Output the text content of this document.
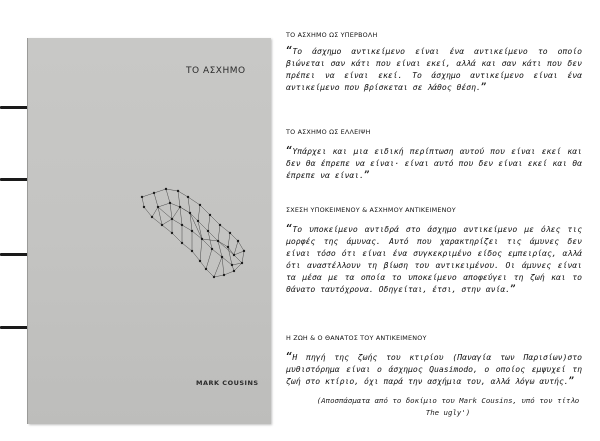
ΤΟ ΑΣΧΗΜΟ
MARK COUSINS
ΤΟ ΑΣΧΗΜΟ ΩΣ ΥΠΕΡΒΟΛΗ
“Το άσχημο αντικείμενο είναι ένα αντικείμενο το οποίο βιώνεται σαν κάτι που είναι εκεί, αλλά και σαν κάτι που δεν πρέπει να είναι εκεί. Το άσχημο αντικείμενο είναι ένα αντικείμενο που βρίσκεται σε λάθος θέση.”
ΤΟ ΑΣΧΗΜΟ ΩΣ ΕΛΛΕΙΨΗ
“Υπάρχει και μια ειδική περίπτωση αυτού που είναι εκεί και δεν θα έπρεπε να είναι· είναι αυτό που δεν είναι εκεί και θα έπρεπε να είναι.”
ΣΧΕΣΗ ΥΠΟΚΕΙΜΕΝΟΥ & ΑΣΧΗΜΟΥ ΑΝΤΙΚΕΙΜΕΝΟΥ
“Το υποκείμενο αντιδρά στο άσχημο αντικείμενο με όλες τις μορφές της άμυνας. Αυτό που χαρακτηρίζει τις άμυνες δεν είναι τόσο ότι είναι ένα συγκεκριμένο είδος εμπειρίας, αλλά ότι αναστέλλουν τη βίωση του αντικειμένου. Οι άμυνες είναι τα μέσα με τα οποία το υποκείμενο αποφεύγει τη ζωή και το θάνατο ταυτόχρονα. Οδηγείται, έτσι, στην ανία.”
Η ΖΩΗ & Ο ΘΑΝΑΤΟΣ ΤΟΥ ΑΝΤΙΚΕΙΜΕΝΟΥ
“Η πηγή της ζωής του κτιρίου (Παναγία των Παρισίων)στο μυθιστόρημα είναι ο άσχημος Quasimodo, ο οποίος εμψυχεί τη ζωή στο κτίριο, όχι παρά την ασχήμια του, αλλά λόγω αυτής.”
(Αποσπάσματα από το δοκίμιο του Mark Cousins, υπό τον τίτλο The ugly')
